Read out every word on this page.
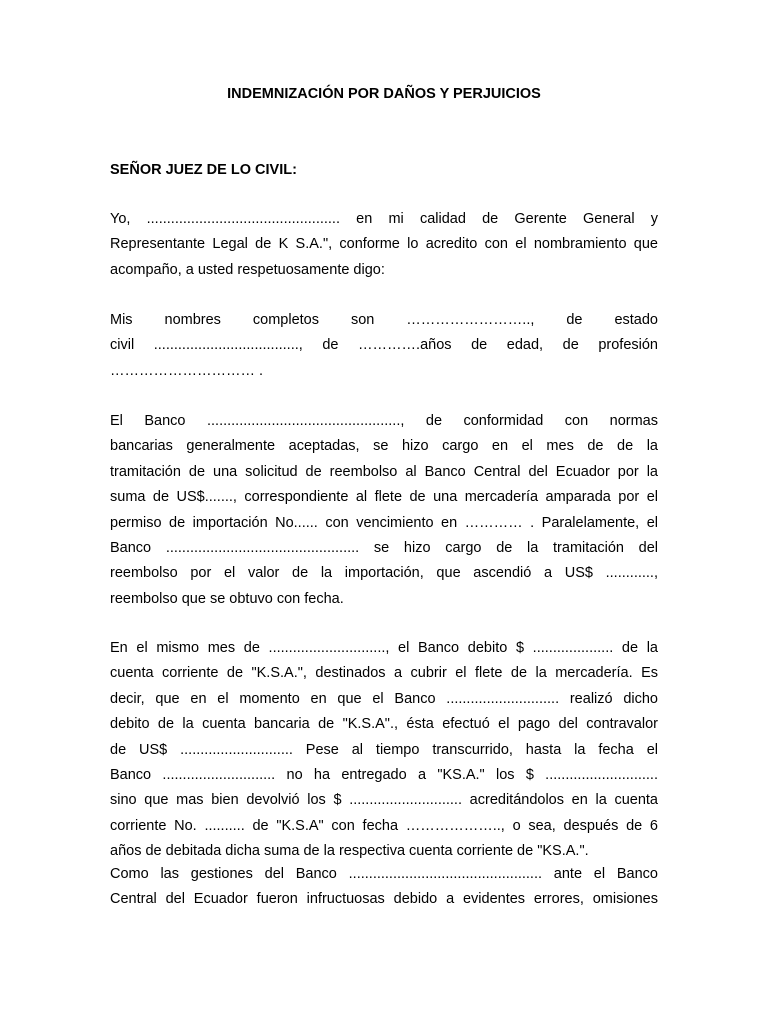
INDEMNIZACIÓN POR DAÑOS Y PERJUICIOS
SEÑOR JUEZ DE LO CIVIL:
Yo, ................................................ en mi calidad de Gerente General y
Representante Legal de K S.A.", conforme lo acredito con el nombramiento que
acompaño, a usted respetuosamente digo:
Mis nombres completos son …………………….., de estado
civil ...................................., de ………….años de edad, de profesión
………………………… .
El Banco ................................................, de conformidad con normas
bancarias generalmente aceptadas, se hizo cargo en el mes de de la
tramitación de una solicitud de reembolso al Banco Central del Ecuador por la
suma de US$......., correspondiente al flete de una mercadería amparada por el
permiso de importación No...... con vencimiento en ………… . Paralelamente, el
Banco ................................................ se hizo cargo de la tramitación del
reembolso por el valor de la importación, que ascendió a US$ ............,
reembolso que se obtuvo con fecha.
En el mismo mes de ............................., el Banco debito $ .................... de la
cuenta corriente de "K.S.A.", destinados a cubrir el flete de la mercadería. Es
decir, que en el momento en que el Banco ............................ realizó dicho
debito de la cuenta bancaria de "K.S.A"., ésta efectuó el pago del contravalor
de US$ ............................ Pese al tiempo transcurrido, hasta la fecha el
Banco ............................ no ha entregado a "KS.A." los $ ............................
sino que mas bien devolvió los $ ............................ acreditándolos en la cuenta
corriente No. .......... de "K.S.A" con fecha ……………….., o sea, después de 6
años de debitada dicha suma de la respectiva cuenta corriente de "KS.A.".
Como las gestiones del Banco ................................................ ante el Banco
Central del Ecuador fueron infructuosas debido a evidentes errores, omisiones
